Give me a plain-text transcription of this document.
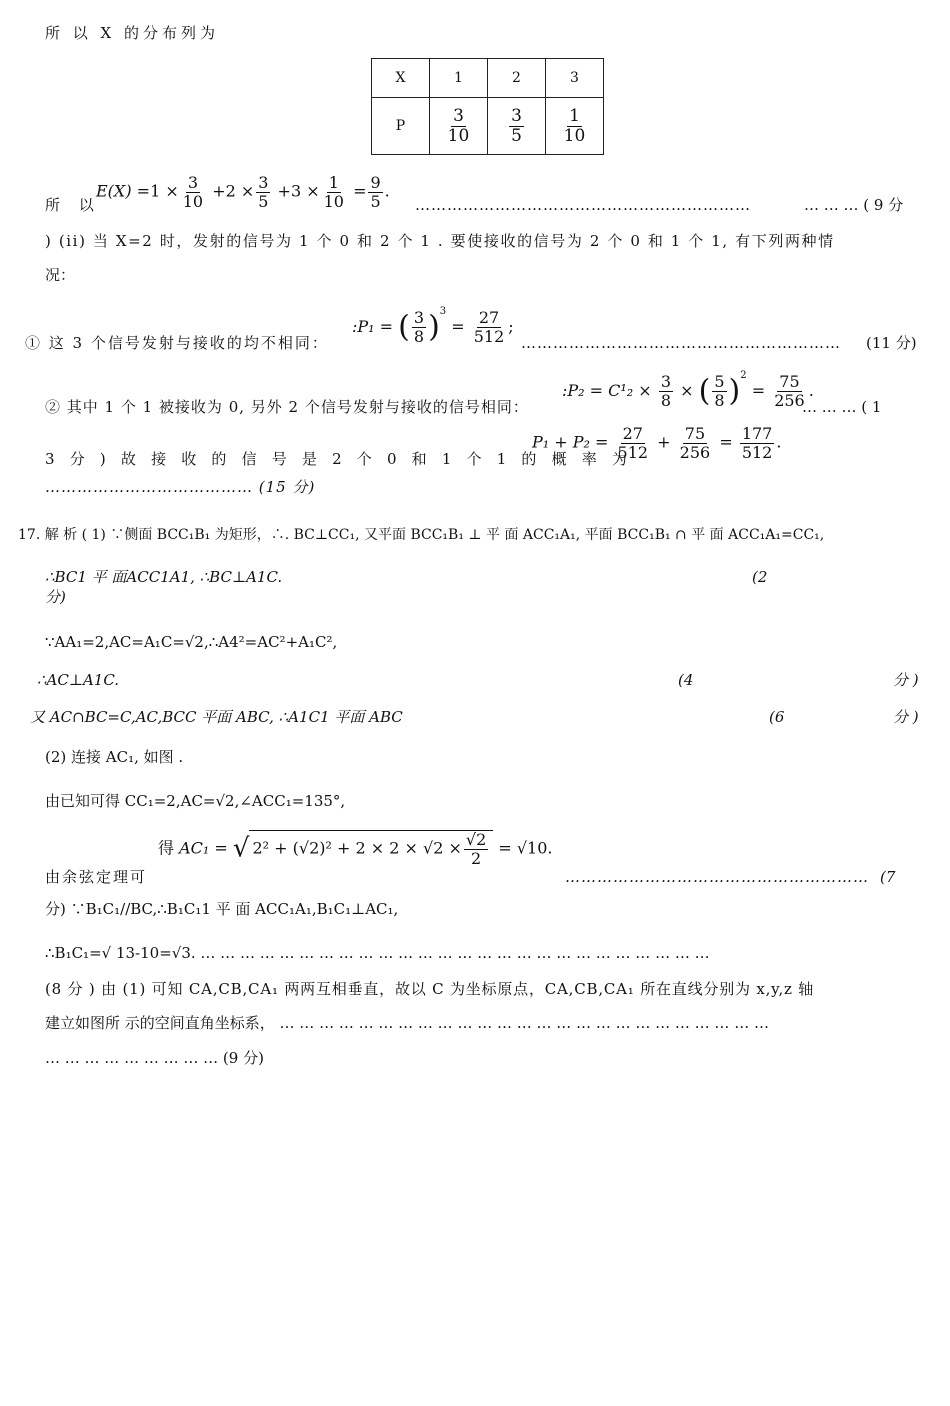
所 以 X 的分布列为
X	1	2	3
P	$\frac{3}{10}$	$\frac{3}{5}$	$\frac{1}{10}$
所 以
$E(X) =1 \times \frac{3}{10} +2 \times \frac{3}{5} +3 \times \frac{1}{10} = \frac{9}{5}$ .
………………………………………………………	… … … ( 9 分
) (ii) 当 X=2 时，发射的信号为 1 个 0 和 2 个 1 . 要使接收的信号为 2 个 0 和 1 个 1, 有下列两种情
况：
① 这 3 个信号发射与接收的均不相同：
:P₁ = ( $\frac{3}{8} )^3 = \frac{27}{512}$ ;
…………………………………………………… (11 分)
② 其中 1 个 1 被接收为 0, 另外 2 个信号发射与接收的信号相同：
:P₂ = $C^1_2 \times \frac{3}{8}$ × ( $\frac{5}{8} )^2 = \frac{75}{256}$ .
… … … ( 1
3 分 ) 故 接 收 的 信 号 是 2 个 0 和 1 个 1 的 概 率 为
$P_1 + P_2 = \frac{27}{512} + \frac{75}{256} = \frac{177}{512}$ .
………………………………… (15 分)
17. 解 析 ( 1) ∵侧面 BCC₁B₁ 为矩形，∴. BC⊥CC₁, 又平面 BCC₁B₁ ⊥ 平 面 ACC₁A₁, 平面 BCC₁B₁ ∩ 平 面 ACC₁A₁=CC₁,
∴BC1 平 面ACC1A1, ∴BC⊥A1C.	(2
分)
∵AA₁=2,AC=A₁C=√2,∴A4²=AC²+A₁C²,
∴AC⊥A1C.	(4	分 )
又 AC∩BC=C,AC,BCC 平面 ABC, ∴A1C1 平面 ABC	(6	分 )
(2) 连接 AC₁, 如图 .
由已知可得 CC₁=2,AC=√2,∠ACC₁=135°,
得 AC₁ = √ $2^2 + (√2)^2 + 2 \times 2 \times √2 \times \frac{√2}{2} = √10$.
由余弦定理可	………………………………………………… (7
分) ∵B₁C₁//BC,∴B₁C₁1 平 面 ACC₁A₁,B₁C₁⊥AC₁,
∴B₁C₁=√ 13-10=√3. … … … … … … … … … … … … … … … … … … … … … … … … … …
(8 分 ) 由 (1) 可知 CA,CB,CA₁ 两两互相垂直，故以 C 为坐标原点，CA,CB,CA₁ 所在直线分别为 x,y,z 轴
建立如图所 示的空间直角坐标系， … … … … … … … … … … … … … … … … … … … … … … … … …
… … … … … … … … … (9 分)
